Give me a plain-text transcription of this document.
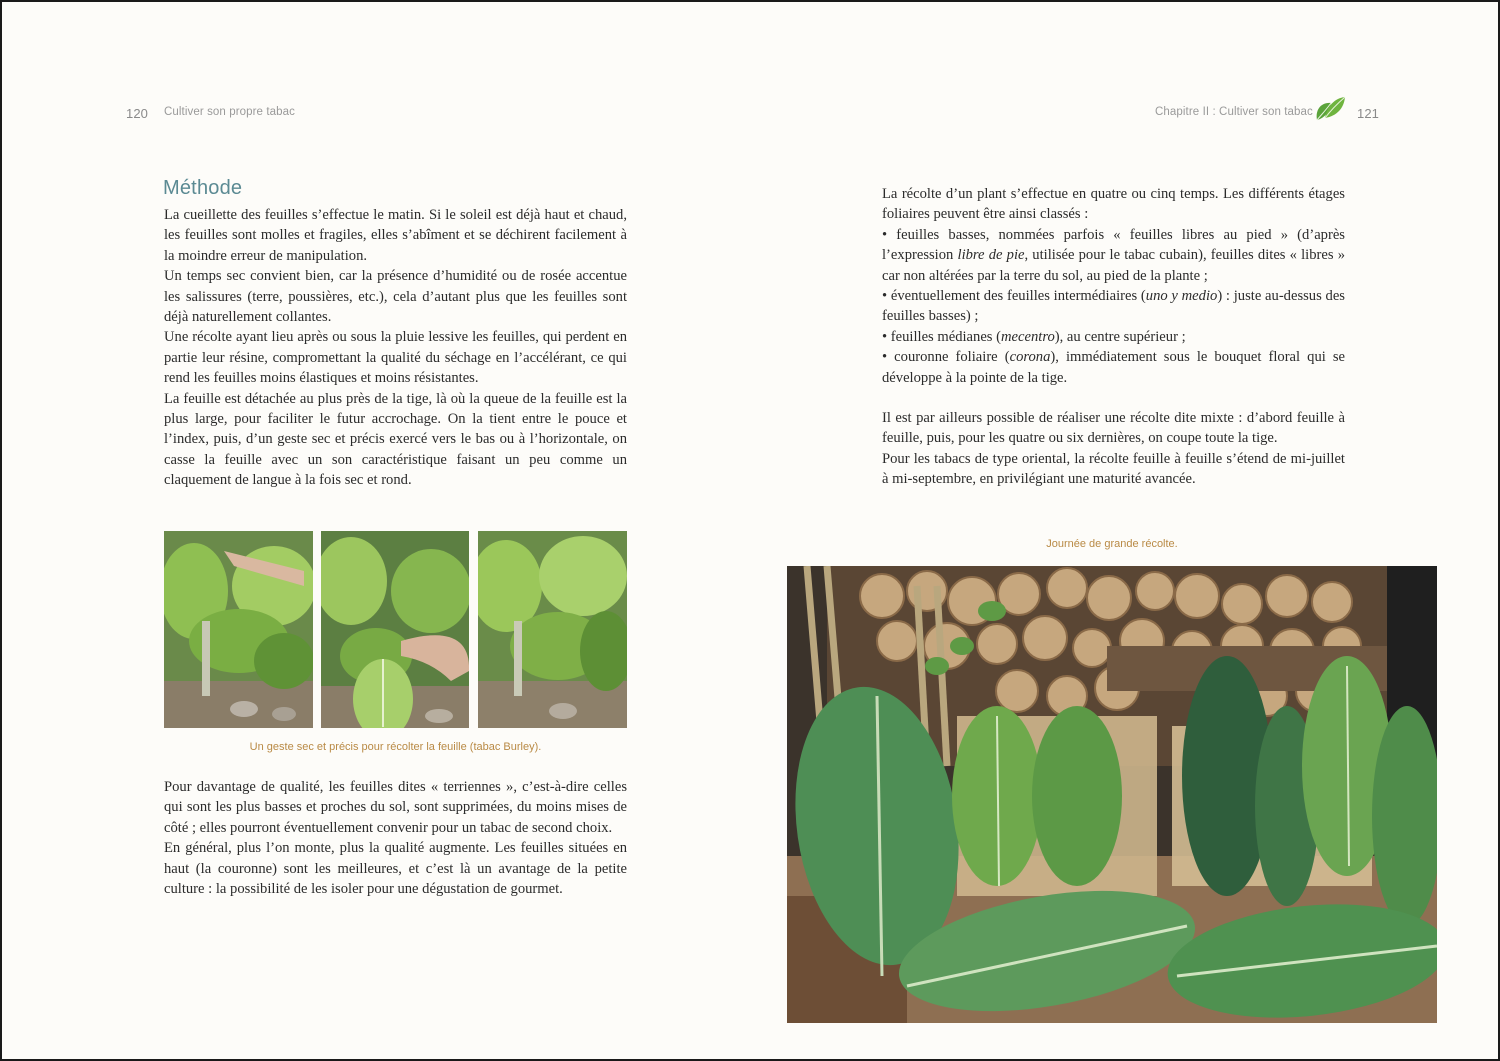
120 Cultiver son propre tabac	Chapitre II : Cultiver son tabac	121
Méthode

La cueillette des feuilles s’effectue le matin. Si le soleil est déjà haut et chaud, les feuilles sont molles et fragiles, elles s’abîment et se déchirent facilement à la moindre erreur de manipulation.

Un temps sec convient bien, car la présence d’humidité ou de rosée accentue les salissures (terre, poussières, etc.), cela d’autant plus que les feuilles sont déjà naturellement collantes.

Une récolte ayant lieu après ou sous la pluie lessive les feuilles, qui perdent en partie leur résine, compromettant la qualité du séchage en l’accélérant, ce qui rend les feuilles moins élastiques et moins résistantes.

La feuille est détachée au plus près de la tige, là où la queue de la feuille est la plus large, pour faciliter le futur accrochage. On la tient entre le pouce et l’index, puis, d’un geste sec et précis exercé vers le bas ou à l’horizontale, on casse la feuille avec un son caractéristique faisant un peu comme un claquement de langue à la fois sec et rond.

Un geste sec et précis pour récolter la feuille (tabac Burley).

Pour davantage de qualité, les feuilles dites « terriennes », c’est-à-dire celles qui sont les plus basses et proches du sol, sont supprimées, du moins mises de côté ; elles pourront éventuellement convenir pour un tabac de second choix.

En général, plus l’on monte, plus la qualité augmente. Les feuilles situées en haut (la couronne) sont les meilleures, et c’est là un avantage de la petite culture : la possibilité de les isoler pour une dégustation de gourmet.

La récolte d’un plant s’effectue en quatre ou cinq temps. Les différents étages foliaires peuvent être ainsi classés :

• feuilles basses, nommées parfois « feuilles libres au pied » (d’après l’expression libre de pie, utilisée pour le tabac cubain), feuilles dites « libres » car non altérées par la terre du sol, au pied de la plante ;

• éventuellement des feuilles intermédiaires (uno y medio) : juste au-dessus des feuilles basses) ;

• feuilles médianes (mecentro), au centre supérieur ;

• couronne foliaire (corona), immédiatement sous le bouquet floral qui se développe à la pointe de la tige.

Il est par ailleurs possible de réaliser une récolte dite mixte : d’abord feuille à feuille, puis, pour les quatre ou six dernières, on coupe toute la tige.

Pour les tabacs de type oriental, la récolte feuille à feuille s’étend de mi-juillet à mi-septembre, en privilégiant une maturité avancée.

Journée de grande récolte.
